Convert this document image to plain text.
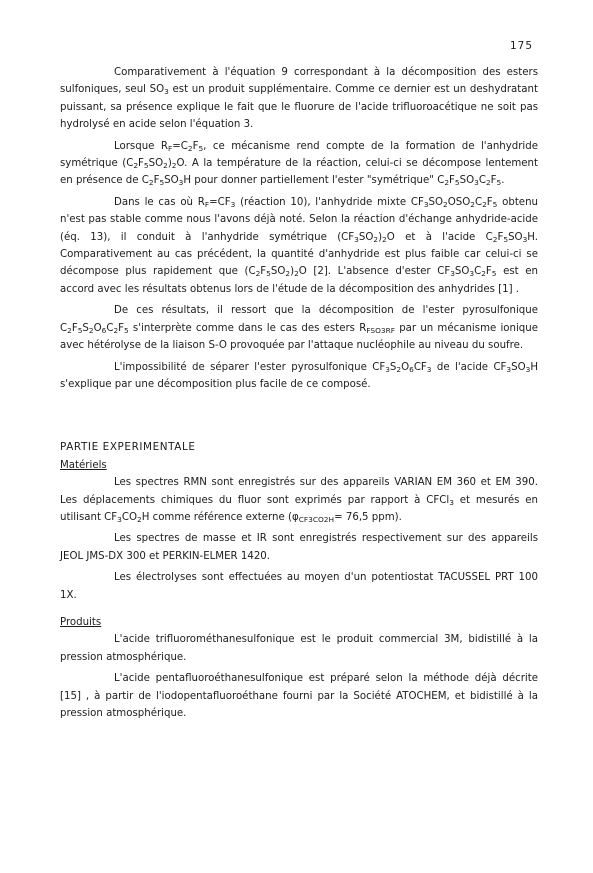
175

Comparativement à l'équation 9 correspondant à la décomposition des esters sulfoniques, seul $SO_3$ est un produit supplémentaire. Comme ce dernier est un deshydratant puissant, sa présence explique le fait que le fluorure de l'acide trifluoroacétique ne soit pas hydrolysé en acide selon l'équation 3.

Lorsque $R_F=C_2F_5$, ce mécanisme rend compte de la formation de l'anhydride symétrique $(C_2F_5SO_2)_2O$. A la température de la réaction, celui-ci se décompose lentement en présence de $C_2F_5SO_3H$ pour donner partiellement l'ester "symétrique" $C_2F_5SO_3C_2F_5$.

Dans le cas où $R_F=CF_3$ (réaction 10), l'anhydride mixte $CF_3SO_2OSO_2C_2F_5$ obtenu n'est pas stable comme nous l'avons déjà noté. Selon la réaction d'échange anhydride-acide (éq. 13), il conduit à l'anhydride symétrique $(CF_3SO_2)_2O$ et à l'acide $C_2F_5SO_3H$. Comparativement au cas précédent, la quantité d'anhydride est plus faible car celui-ci se décompose plus rapidement que $(C_2F_5SO_2)_2O$ [2]. L'absence d'ester $CF_3SO_3C_2F_5$ est en accord avec les résultats obtenus lors de l'étude de la décomposition des anhydrides [1] .

De ces résultats, il ressort que la décomposition de l'ester pyrosulfonique $C_2F_5S_2O_6C_2F_5$ s'interprète comme dans le cas des esters $R_{FSO3RF}$ par un mécanisme ionique avec hétérolyse de la liaison S-O provoquée par l'attaque nucléophile au niveau du soufre.

L'impossibilité de séparer l'ester pyrosulfonique $CF_3S_2O_6CF_3$ de l'acide $CF_3SO_3H$ s'explique par une décomposition plus facile de ce composé.

PARTIE EXPERIMENTALE
Matériels

Les spectres RMN sont enregistrés sur des appareils VARIAN EM 360 et EM 390. Les déplacements chimiques du fluor sont exprimés par rapport à CFCl$_3$ et mesurés en utilisant $CF_3CO_2H$ comme référence externe ($\varphi_{CF3CO2H}= 76,5$ ppm).

Les spectres de masse et IR sont enregistrés respectivement sur des appareils JEOL JMS-DX 300 et PERKIN-ELMER 1420.

Les électrolyses sont effectuées au moyen d'un potentiostat TACUSSEL PRT 100 1X.

Produits

L'acide trifluorométhanesulfonique est le produit commercial 3M, bidistillé à la pression atmosphérique.

L'acide pentafluoroéthanesulfonique est préparé selon la méthode déjà décrite [15] , à partir de l'iodopentafluoroéthane fourni par la Société ATOCHEM, et bidistillé à la pression atmosphérique.
